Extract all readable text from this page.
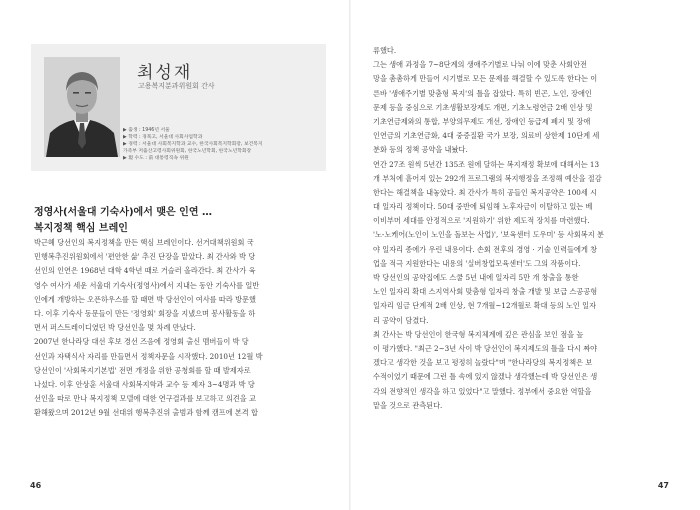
최성재
고용복지분과위원회 간사
▶ 출생 : 1946년 서울
▶ 학력 : 경북고, 서울대 사회사업학과
▶ 경력 : 서울대 사회복지학과 교수, 한국사회복지학회장, 보건복지
가족부 저출산고령사회위원회, 한국노년학회, 한국노년학회장
▶ 現 수도 : 前 대통령직속 위원
정영사(서울대 기숙사)에서 맺은 인연 …
복지정책 핵심 브레인
박근혜 당선인의 복지정책을 만든 핵심 브레인이다. 선거대책위원회 국
민행복추진위원회에서 '편안한 삶' 추진 단장을 맡았다. 최 간사와 박 당
선인의 인연은 1968년 대학 4학년 때로 거슬러 올라간다. 최 간사가 육
영수 여사가 세운 서울대 기숙사(정영사)에서 지내는 동안 기숙사를 일반
인에게 개방하는 오픈하우스를 할 때면 박 당선인이 여사를 따라 방문했
다. 이후 기숙사 동문들이 만든 '정영회' 회장을 지냈으며 봉사활동을 하
면서 퍼스트레이디였던 박 당선인을 몇 차례 만났다.
2007년 한나라당 대선 후보 경선 즈음에 정영회 출신 멤버들이 박 당
선인과 자택식사 자리를 만들면서 정책자문을 시작했다. 2010년 12월 박
당선인이 '사회복지기본법' 전면 개정을 위한 공청회를 할 때 발제자로
나섰다. 이후 안상훈 서울대 사회복지학과 교수 등 제자 3~4명과 박 당
선인을 따로 만나 복지정책 모델에 대한 연구결과를 보고하고 의견을 교
환해왔으며 2012년 9월 선대위 행복추진위 출범과 함께 캠프에 본격 합
46
류했다.
그는 생애 과정을 7~8단계의 생애주기별로 나눠 이에 맞춘 사회안전
망을 촘촘하게 만들어 시기별로 모든 문제를 해결할 수 있도록 한다는 이
른바 '생애주기별 맞춤형 복지'의 틀을 잡았다. 특히 빈곤, 노인, 장애인
문제 등을 중심으로 기초생활보장제도 개편, 기초노령연금 2배 인상 및
기초연금제와의 통합, 부양의무제도 개선, 장애인 등급제 폐지 및 장애
인연금의 기초연금화, 4대 중증질환 국가 보장, 의료비 상한제 10단계 세
분화 등의 정책 공약을 내놨다.
연간 27조 원씩 5년간 135조 원에 달하는 복지재정 확보에 대해서는 13
개 부처에 흩어져 있는 292개 프로그램의 복지행정을 조정해 예산을 절감
한다는 해결책을 내놓았다. 최 간사가 특히 공들인 복지공약은 100세 시
대 일자리 정책이다. 50대 중반에 퇴임해 노후자금이 이탈하고 있는 베
이비부머 세대를 안정적으로 '지원하기' 위한 제도적 장치를 마련했다.
'노-노케어(노인이 노인을 돌보는 사업)', '보육센터 도우미' 등 사회복지 분
야 일자리 종에가 우린 내용이다. 손회 전후의 경영 · 기술 인력들에게 창
업을 적극 지원한다는 내용의 '실버창업모육센터'도 그의 작품이다.
박 당선인의 공약집에도 스쿨 5년 내에 일자리 5만 개 창출을 통한
노인 일자리 확대 스지역사회 맞춤형 일자리 창출 개발 및 보급 스공공형
일자리 임금 단계적 2배 인상, 현 7개월~12개월로 확대 등의 노인 일자
리 공약이 담겼다.
최 간사는 박 당선인이 한국형 복지체계에 깊은 관심을 보인 점을 높
이 평가했다. "최근 2~3년 사이 박 당선인이 복지제도의 틀을 다시 짜야
겠다고 생각한 것을 보고 평정히 놀랐다"며 "한나라당의 복지정책은 보
수적이었기 때문에 그런 틀 속에 있지 않겠나 생각했는데 박 당선인은 생
각의 전향적인 생각을 하고 있었다"고 말했다. 정부에서 중요한 역할을
맡을 것으로 관측된다.
47
